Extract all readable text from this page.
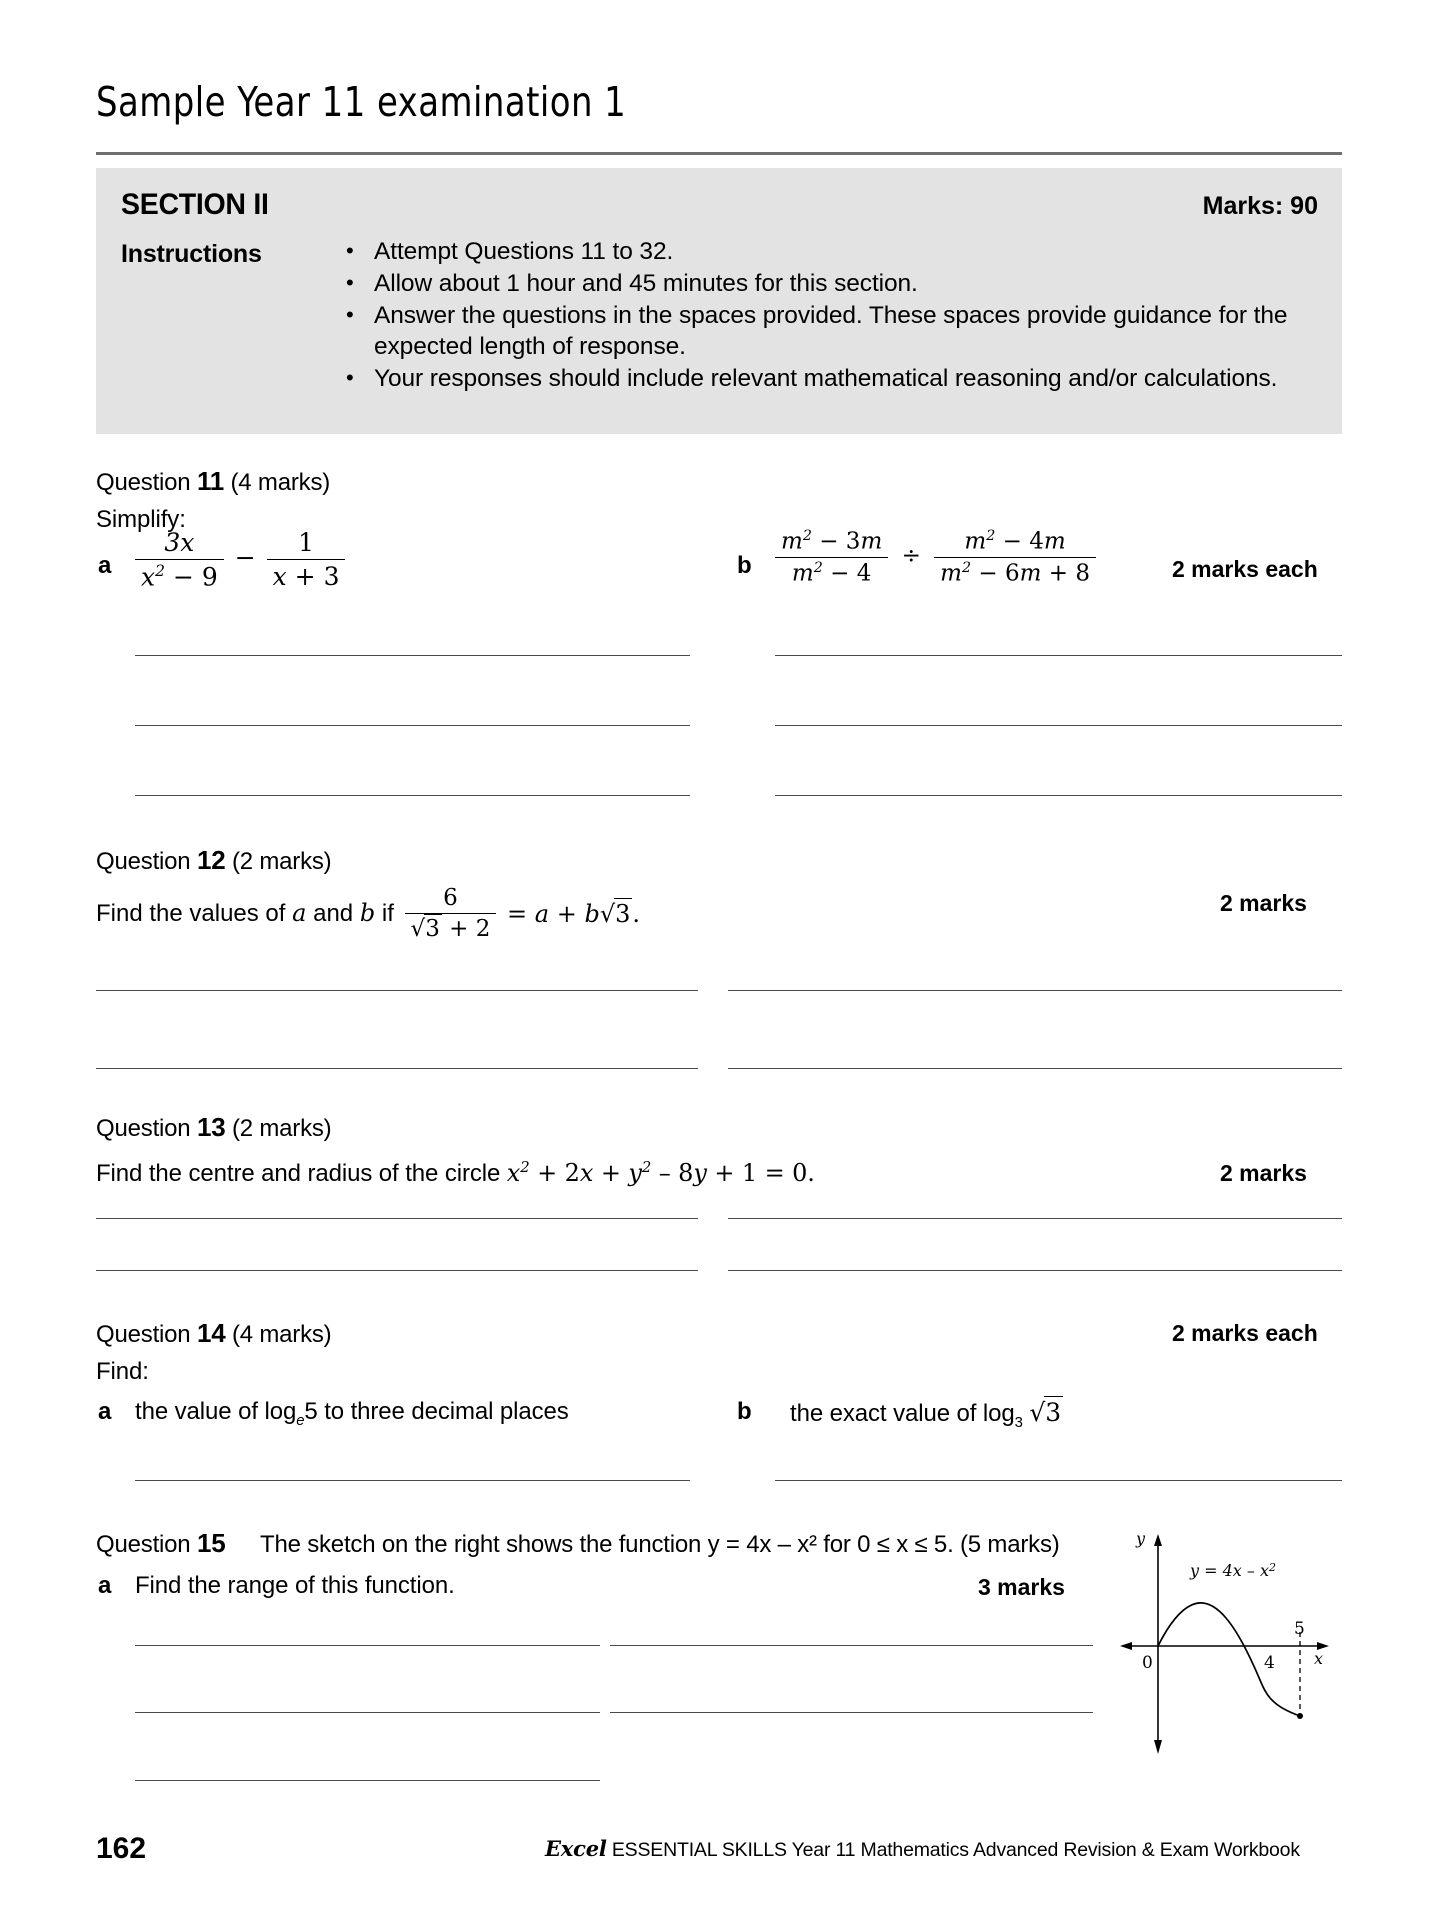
Sample Year 11 examination 1
SECTION II	Marks: 90
Instructions	• Attempt Questions 11 to 32.
• Allow about 1 hour and 45 minutes for this section.
• Answer the questions in the spaces provided. These spaces provide guidance for the expected length of response.
• Your responses should include relevant mathematical reasoning and/or calculations.
Question 11 (4 marks)
Simplify:
a $\frac{3x}{x^2 - 9} - \frac{1}{x + 3}$	b $\frac{m^2 - 3m}{m^2 - 4} \div \frac{m^2 - 4m}{m^2 - 6m + 8}$	2 marks each
Question 12 (2 marks)
Find the values of a and b if $\frac{6}{√3 + 2} = a + b√3$.	2 marks
Question 13 (2 marks)
Find the centre and radius of the circle $x^2 + 2x + y^2 - 8y + 1 = 0$.	2 marks
Question 14 (4 marks)	2 marks each
Find:
a the value of $\log_e5$ to three decimal places	b the exact value of $\log_3 √3$
Question 15 The sketch on the right shows the function y = 4x – x² for 0 ≤ x ≤ 5. (5 marks)
a Find the range of this function.	3 marks
y
x
0	4
5
$y = 4x - x^2$
162	Excel ESSENTIAL SKILLS Year 11 Mathematics Advanced Revision & Exam Workbook
